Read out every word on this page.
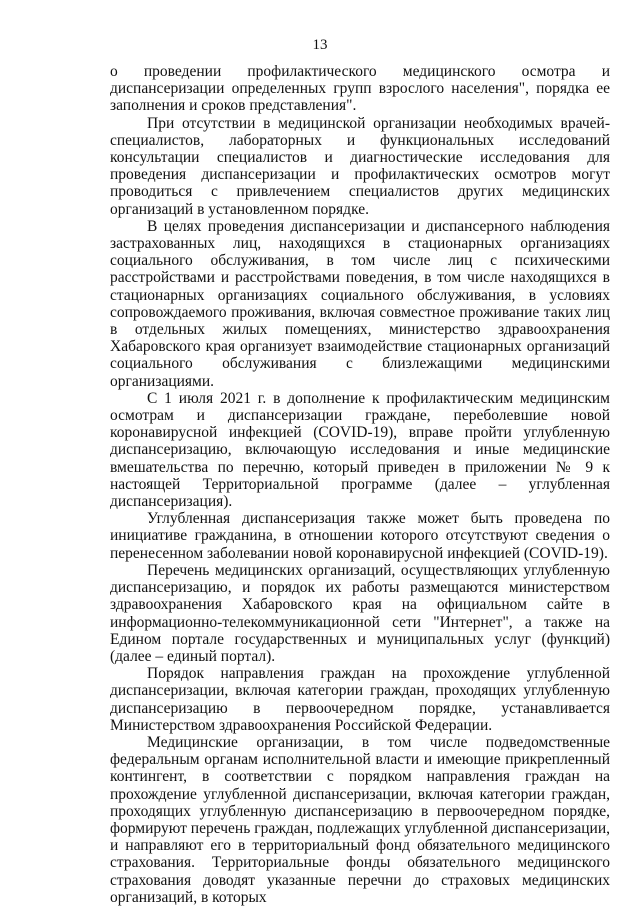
13

о проведении профилактического медицинского осмотра и диспансеризации определенных групп взрослого населения", порядка ее заполнения и сроков представления".

При отсутствии в медицинской организации необходимых врачей-специалистов, лабораторных и функциональных исследований консультации специалистов и диагностические исследования для проведения диспансеризации и профилактических осмотров могут проводиться с привлечением специалистов других медицинских организаций в установленном порядке.

В целях проведения диспансеризации и диспансерного наблюдения застрахованных лиц, находящихся в стационарных организациях социального обслуживания, в том числе лиц с психическими расстройствами и расстройствами поведения, в том числе находящихся в стационарных организациях социального обслуживания, в условиях сопровождаемого проживания, включая совместное проживание таких лиц в отдельных жилых помещениях, министерство здравоохранения Хабаровского края организует взаимодействие стационарных организаций социального обслуживания с близлежащими медицинскими организациями.

С 1 июля 2021 г. в дополнение к профилактическим медицинским осмотрам и диспансеризации граждане, переболевшие новой коронавирусной инфекцией (COVID-19), вправе пройти углубленную диспансеризацию, включающую исследования и иные медицинские вмешательства по перечню, который приведен в приложении № 9 к настоящей Территориальной программе (далее – углубленная диспансеризация).

Углубленная диспансеризация также может быть проведена по инициативе гражданина, в отношении которого отсутствуют сведения о перенесенном заболевании новой коронавирусной инфекцией (COVID-19).

Перечень медицинских организаций, осуществляющих углубленную диспансеризацию, и порядок их работы размещаются министерством здравоохранения Хабаровского края на официальном сайте в информационно-телекоммуникационной сети "Интернет", а также на Едином портале государственных и муниципальных услуг (функций) (далее – единый портал).

Порядок направления граждан на прохождение углубленной диспансеризации, включая категории граждан, проходящих углубленную диспансеризацию в первоочередном порядке, устанавливается Министерством здравоохранения Российской Федерации.

Медицинские организации, в том числе подведомственные федеральным органам исполнительной власти и имеющие прикрепленный контингент, в соответствии с порядком направления граждан на прохождение углубленной диспансеризации, включая категории граждан, проходящих углубленную диспансеризацию в первоочередном порядке, формируют перечень граждан, подлежащих углубленной диспансеризации, и направляют его в территориальный фонд обязательного медицинского страхования. Территориальные фонды обязательного медицинского страхования доводят указанные перечни до страховых медицинских организаций, в которых
